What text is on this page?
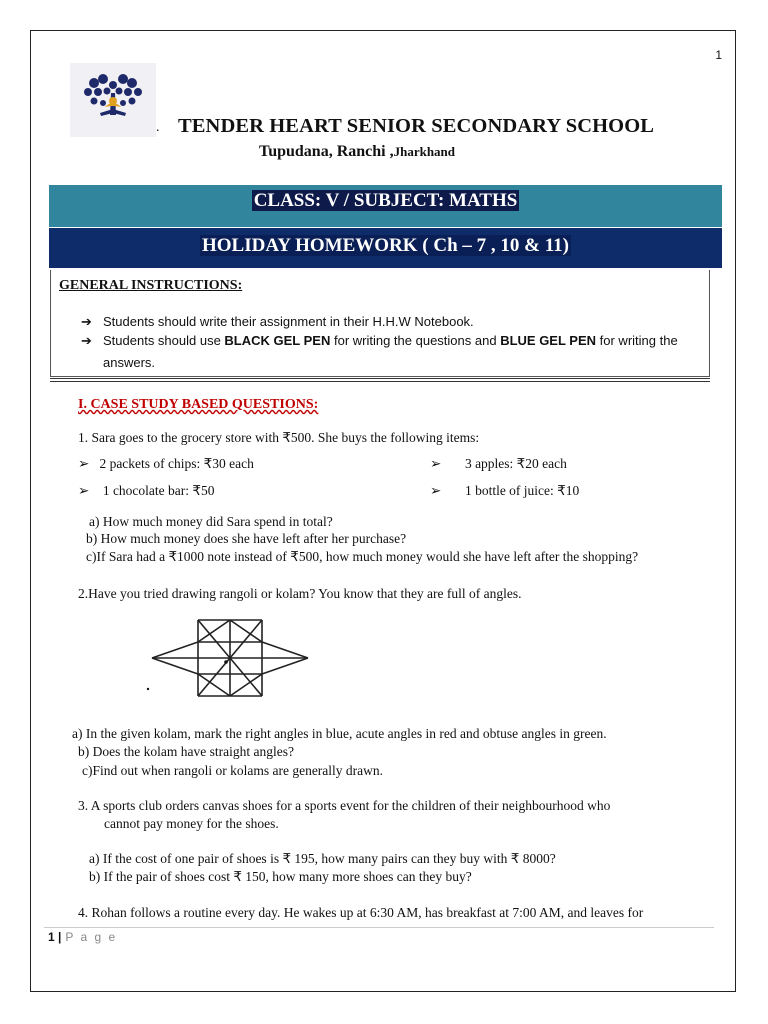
1
. TENDER HEART SENIOR SECONDARY SCHOOL
Tupudana, Ranchi ,Jharkhand
CLASS: V / SUBJECT: MATHS
HOLIDAY HOMEWORK ( Ch – 7 , 10 & 11)
GENERAL INSTRUCTIONS:
➔ Students should write their assignment in their H.H.W Notebook.
➔ Students should use BLACK GEL PEN for writing the questions and BLUE GEL PEN for writing the
answers.
I. CASE STUDY BASED QUESTIONS:
1. Sara goes to the grocery store with ₹500. She buys the following items:
➢ 2 packets of chips: ₹30 each	➢ 3 apples: ₹20 each
➢ 1 chocolate bar: ₹50	➢ 1 bottle of juice: ₹10
a) How much money did Sara spend in total?
b) How much money does she have left after her purchase?
c)If Sara had a ₹1000 note instead of ₹500, how much money would she have left after the shopping?
2.Have you tried drawing rangoli or kolam? You know that they are full of angles.
a) In the given kolam, mark the right angles in blue, acute angles in red and obtuse angles in green.
b) Does the kolam have straight angles?
c)Find out when rangoli or kolams are generally drawn.
3. A sports club orders canvas shoes for a sports event for the children of their neighbourhood who
cannot pay money for the shoes.
a) If the cost of one pair of shoes is ₹ 195, how many pairs can they buy with ₹ 8000?
b) If the pair of shoes cost ₹ 150, how many more shoes can they buy?
4. Rohan follows a routine every day. He wakes up at 6:30 AM, has breakfast at 7:00 AM, and leaves for
1 | P a g e
